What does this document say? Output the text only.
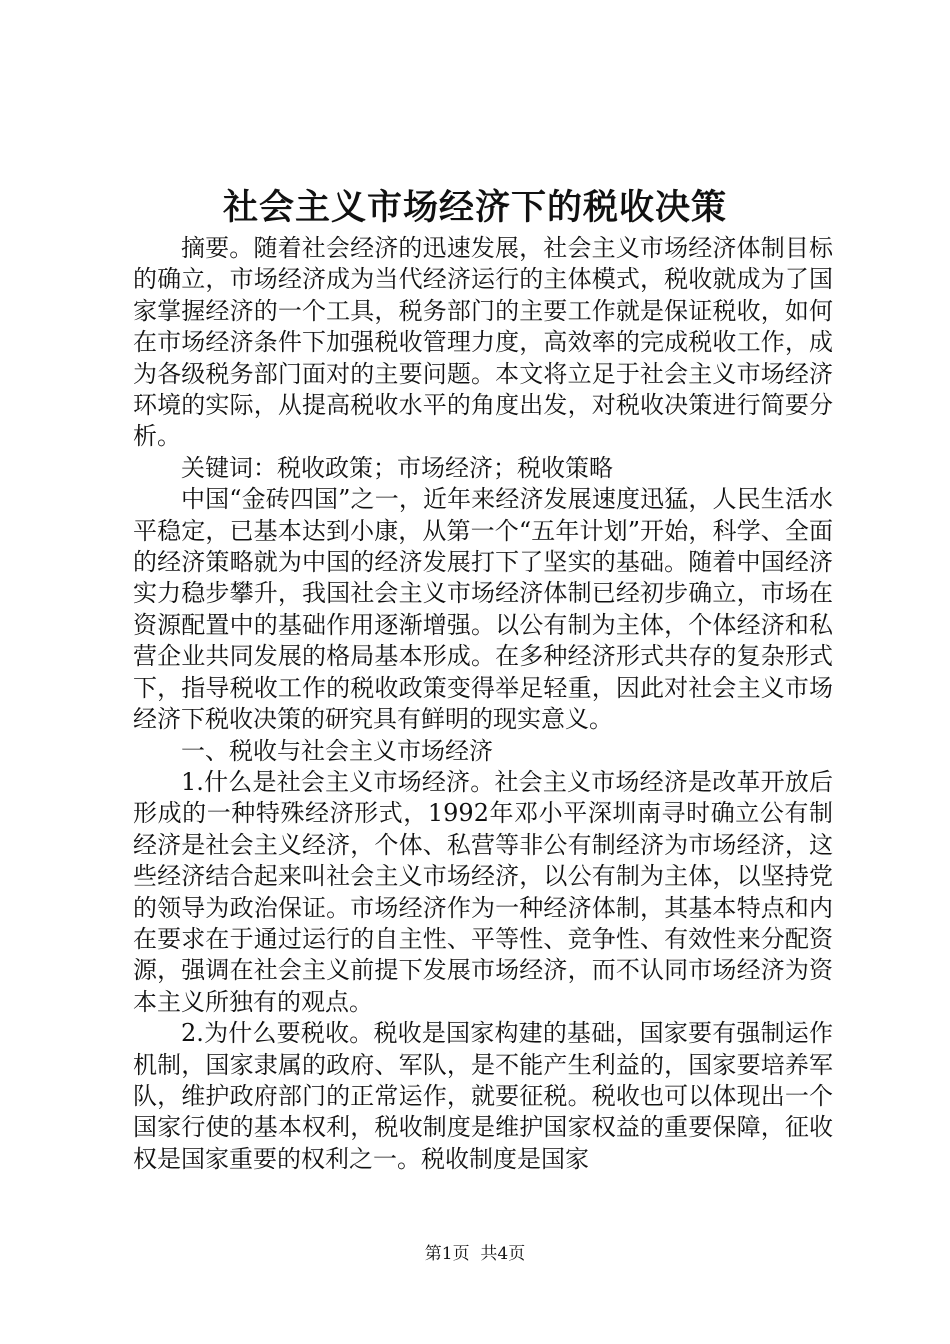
社会主义市场经济下的税收决策

摘要。随着社会经济的迅速发展，社会主义市场经济体制目标的确立，市场经济成为当代经济运行的主体模式，税收就成为了国家掌握经济的一个工具，税务部门的主要工作就是保证税收，如何在市场经济条件下加强税收管理力度，高效率的完成税收工作，成为各级税务部门面对的主要问题。本文将立足于社会主义市场经济环境的实际，从提高税收水平的角度出发，对税收决策进行简要分析。

关键词：税收政策；市场经济；税收策略

中国“金砖四国”之一，近年来经济发展速度迅猛，人民生活水平稳定，已基本达到小康，从第一个“五年计划”开始，科学、全面的经济策略就为中国的经济发展打下了坚实的基础。随着中国经济实力稳步攀升，我国社会主义市场经济体制已经初步确立，市场在资源配置中的基础作用逐渐增强。以公有制为主体，个体经济和私营企业共同发展的格局基本形成。在多种经济形式共存的复杂形式下，指导税收工作的税收政策变得举足轻重，因此对社会主义市场经济下税收决策的研究具有鲜明的现实意义。

一、税收与社会主义市场经济

1.什么是社会主义市场经济。社会主义市场经济是改革开放后形成的一种特殊经济形式，1992年邓小平深圳南寻时确立公有制经济是社会主义经济，个体、私营等非公有制经济为市场经济，这些经济结合起来叫社会主义市场经济，以公有制为主体，以坚持党的领导为政治保证。市场经济作为一种经济体制，其基本特点和内在要求在于通过运行的自主性、平等性、竞争性、有效性来分配资源，强调在社会主义前提下发展市场经济，而不认同市场经济为资本主义所独有的观点。

2.为什么要税收。税收是国家构建的基础，国家要有强制运作机制，国家隶属的政府、军队，是不能产生利益的，国家要培养军队，维护政府部门的正常运作，就要征税。税收也可以体现出一个国家行使的基本权利，税收制度是维护国家权益的重要保障，征收权是国家重要的权利之一。税收制度是国家

第1页 共4页
